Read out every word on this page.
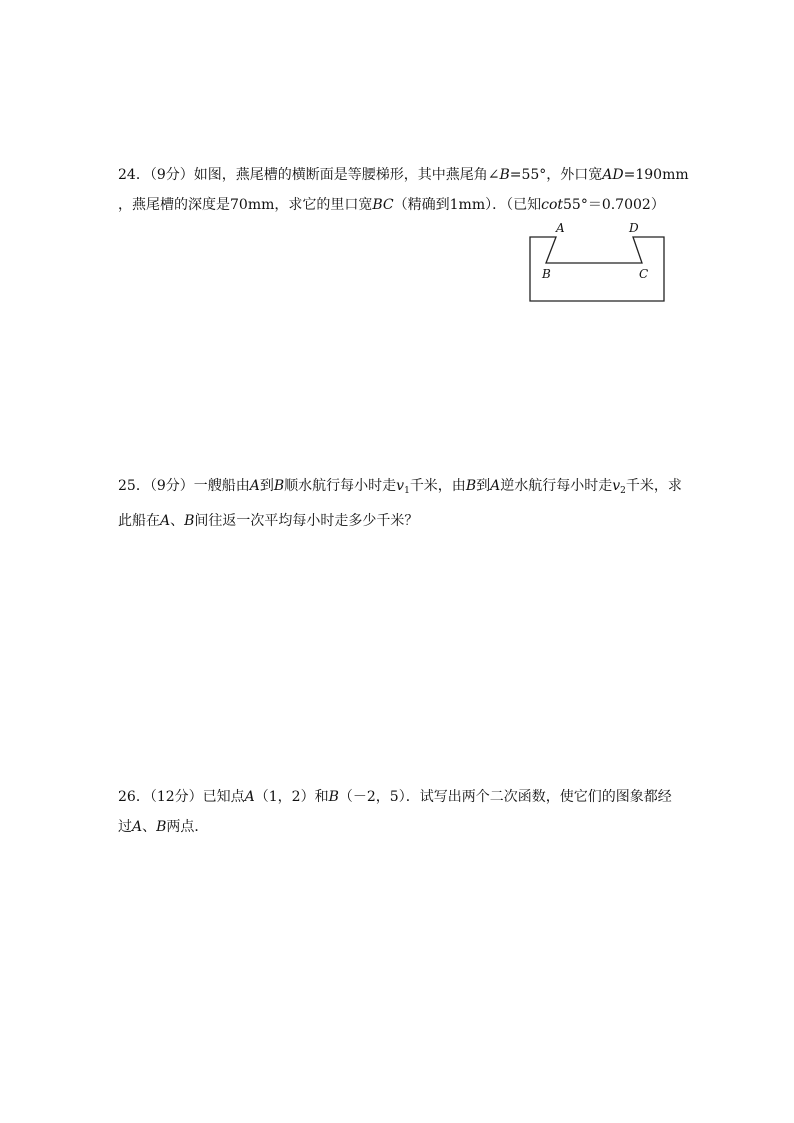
24．（9分）如图，燕尾槽的横断面是等腰梯形，其中燕尾角∠B=55°，外口宽AD=190mm
，燕尾槽的深度是70mm，求它的里口宽BC（精确到1mm）．（已知cot55°＝0.7002）
A	D
B	C
25．（9分）一艘船由A到B顺水航行每小时走$v_1$千米，由B到A逆水航行每小时走$v_2$千米，求
此船在A、B间往返一次平均每小时走多少千米？
26．（12分）已知点A（1，2）和B（－2，5）．试写出两个二次函数，使它们的图象都经
过A、B两点．
